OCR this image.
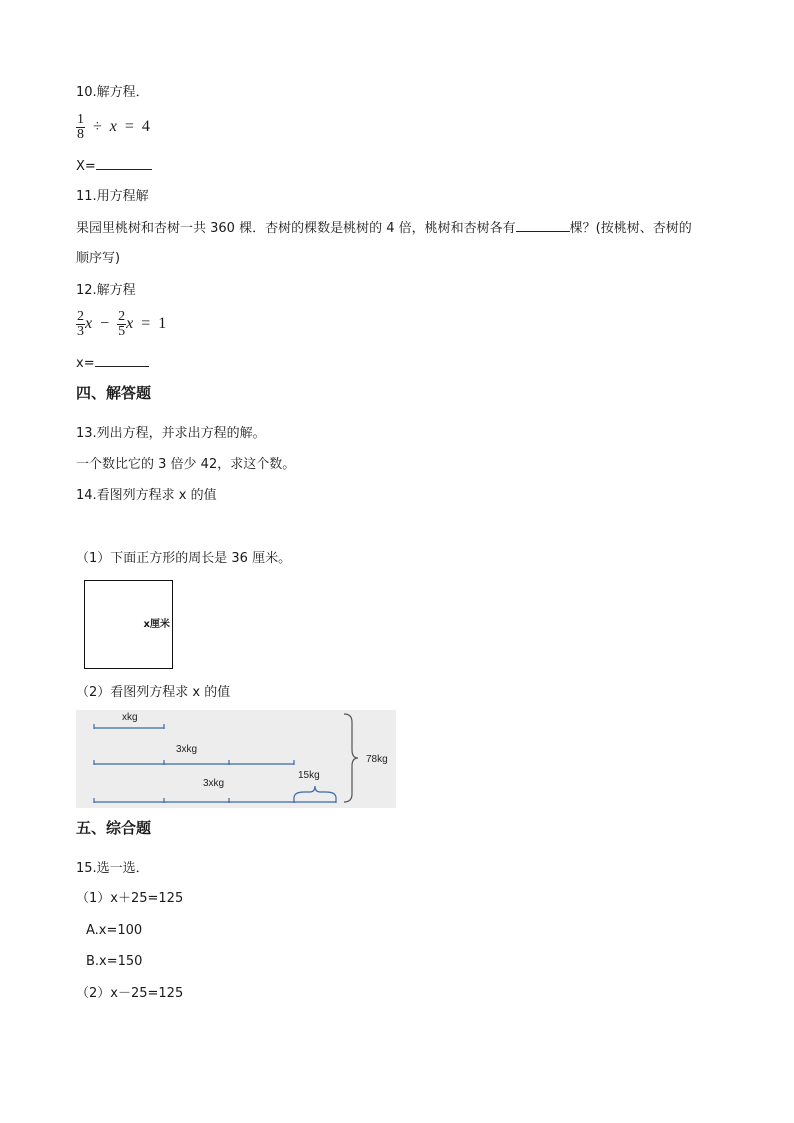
10.解方程．
$\frac{1}{8} \div x = 4$
X=
11.用方程解
果园里桃树和杏树一共 360 棵．杏树的棵数是桃树的 4 倍，桃树和杏树各有	棵？(按桃树、杏树的
顺序写)
12.解方程
$\frac{2}{3}$ $x - \frac{2}{5}$ x = 1
x=
四、解答题
13.列出方程，并求出方程的解。
一个数比它的 3 倍少 42，求这个数。
14.看图列方程求 x 的值
（1）下面正方形的周长是 36 厘米。
x厘米
（2）看图列方程求 x 的值
xkg
3xkg
3xkg
15kg
78kg
五、综合题
15.选一选．
（1）x＋25=125
A.x=100
B.x=150
（2）x－25=125
